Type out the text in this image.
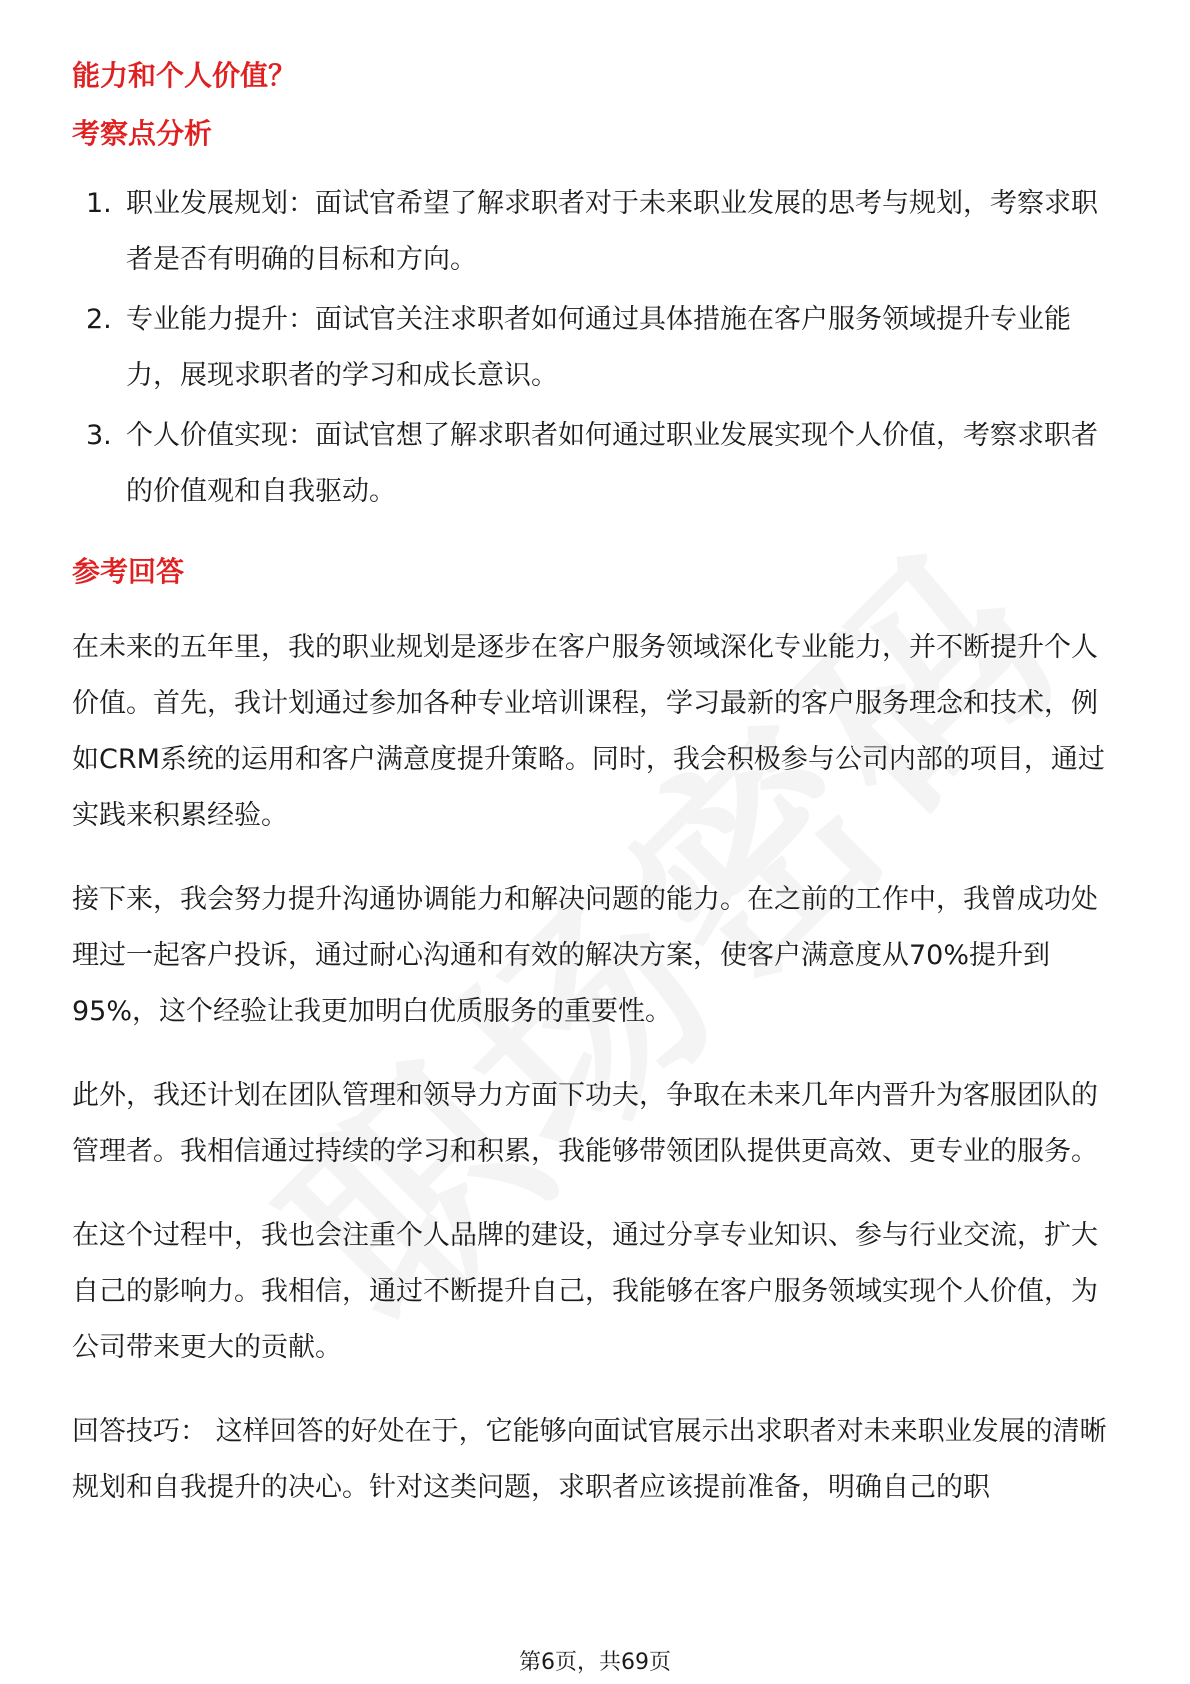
能力和个人价值？
考察点分析
1. 职业发展规划：面试官希望了解求职者对于未来职业发展的思考与规划，考察求职者是否有明确的目标和方向。
2. 专业能力提升：面试官关注求职者如何通过具体措施在客户服务领域提升专业能力，展现求职者的学习和成长意识。
3. 个人价值实现：面试官想了解求职者如何通过职业发展实现个人价值，考察求职者的价值观和自我驱动。
参考回答

在未来的五年里，我的职业规划是逐步在客户服务领域深化专业能力，并不断提升个人价值。首先，我计划通过参加各种专业培训课程，学习最新的客户服务理念和技术，例如CRM系统的运用和客户满意度提升策略。同时，我会积极参与公司内部的项目，通过实践来积累经验。

接下来，我会努力提升沟通协调能力和解决问题的能力。在之前的工作中，我曾成功处理过一起客户投诉，通过耐心沟通和有效的解决方案，使客户满意度从70%提升到95%，这个经验让我更加明白优质服务的重要性。

此外，我还计划在团队管理和领导力方面下功夫，争取在未来几年内晋升为客服团队的管理者。我相信通过持续的学习和积累，我能够带领团队提供更高效、更专业的服务。

在这个过程中，我也会注重个人品牌的建设，通过分享专业知识、参与行业交流，扩大自己的影响力。我相信，通过不断提升自己，我能够在客户服务领域实现个人价值，为公司带来更大的贡献。

回答技巧： 这样回答的好处在于，它能够向面试官展示出求职者对未来职业发展的清晰规划和自我提升的决心。针对这类问题，求职者应该提前准备，明确自己的职

第6页，共69页
